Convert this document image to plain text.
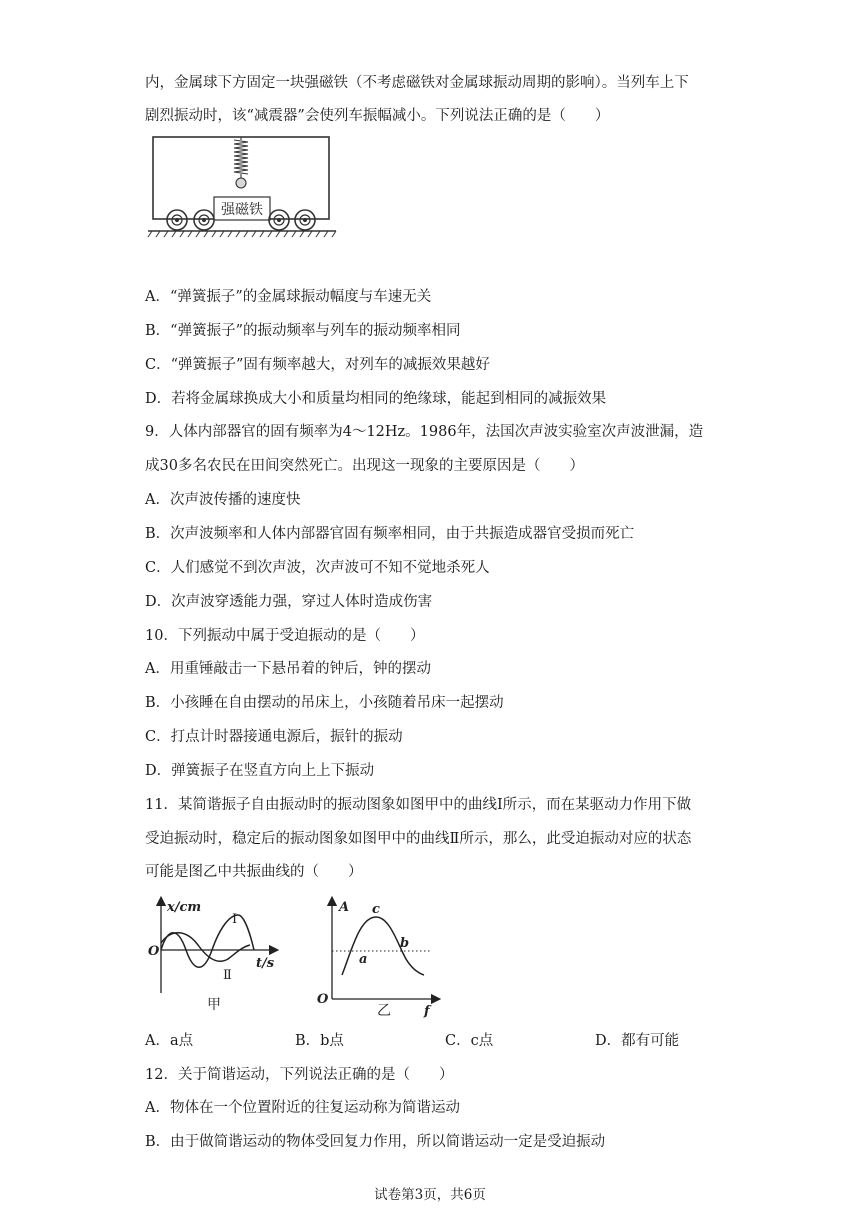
内，金属球下方固定一块强磁铁（不考虑磁铁对金属球振动周期的影响）。当列车上下
剧烈振动时，该“减震器”会使列车振幅减小。下列说法正确的是（　　）
强磁铁
A．“弹簧振子”的金属球振动幅度与车速无关
B．“弹簧振子”的振动频率与列车的振动频率相同
C．“弹簧振子”固有频率越大，对列车的减振效果越好
D．若将金属球换成大小和质量均相同的绝缘球，能起到相同的减振效果
9．人体内部器官的固有频率为4～12Hz。1986年，法国次声波实验室次声波泄漏，造
成30多名农民在田间突然死亡。出现这一现象的主要原因是（　　）
A．次声波传播的速度快
B．次声波频率和人体内部器官固有频率相同，由于共振造成器官受损而死亡
C．人们感觉不到次声波，次声波可不知不觉地杀死人
D．次声波穿透能力强，穿过人体时造成伤害
10．下列振动中属于受迫振动的是（　　）
A．用重锤敲击一下悬吊着的钟后，钟的摆动
B．小孩睡在自由摆动的吊床上，小孩随着吊床一起摆动
C．打点计时器接通电源后，振针的振动
D．弹簧振子在竖直方向上上下振动
11．某简谐振子自由振动时的振动图象如图甲中的曲线Ⅰ所示，而在某驱动力作用下做
受迫振动时，稳定后的振动图象如图甲中的曲线Ⅱ所示，那么，此受迫振动对应的状态
可能是图乙中共振曲线的（　　）
x/cm
t/s
O
Ⅰ
Ⅱ
甲
A
f
O
c
b
a
乙
A．a点	B．b点	C．c点	D．都有可能
12．关于简谐运动，下列说法正确的是（　　）
A．物体在一个位置附近的往复运动称为简谐运动
B．由于做简谐运动的物体受回复力作用，所以简谐运动一定是受迫振动
试卷第3页，共6页
